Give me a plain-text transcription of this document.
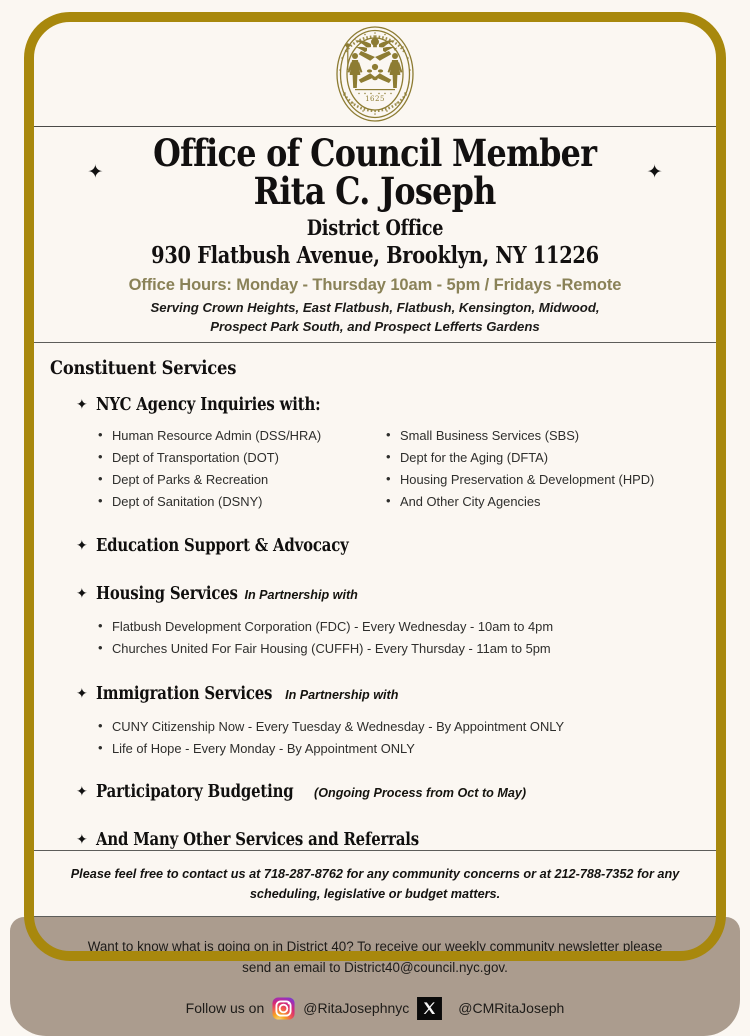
1625
✦ Office of Council Member
Rita C. Joseph	✦
District Office
930 Flatbush Avenue, Brooklyn, NY 11226
Office Hours: Monday - Thursday 10am - 5pm / Fridays -Remote
Serving Crown Heights, East Flatbush, Flatbush, Kensington, Midwood,
Prospect Park South, and Prospect Lefferts Gardens
Constituent Services
✦ NYC Agency Inquiries with:
• Human Resource Admin (DSS/HRA)
• Dept of Transportation (DOT)
• Dept of Parks & Recreation
• Dept of Sanitation (DSNY)
• Small Business Services (SBS)
• Dept for the Aging (DFTA)
• Housing Preservation & Development (HPD)
• And Other City Agencies
✦ Education Support & Advocacy
✦ Housing Services In Partnership with
• Flatbush Development Corporation (FDC) - Every Wednesday - 10am to 4pm
• Churches United For Fair Housing (CUFFH) - Every Thursday - 11am to 5pm
✦ Immigration Services In Partnership with
• CUNY Citizenship Now - Every Tuesday & Wednesday - By Appointment ONLY
• Life of Hope - Every Monday - By Appointment ONLY
✦ Participatory Budgeting (Ongoing Process from Oct to May)
✦ And Many Other Services and Referrals
Please feel free to contact us at 718-287-8762 for any community concerns or at 212-788-7352 for any
scheduling, legislative or budget matters.
Want to know what is going on in District 40? To receive our weekly community newsletter please
send an email to District40@council.nyc.gov.
Follow us on	@RitaJosephnyc	@CMRitaJoseph
